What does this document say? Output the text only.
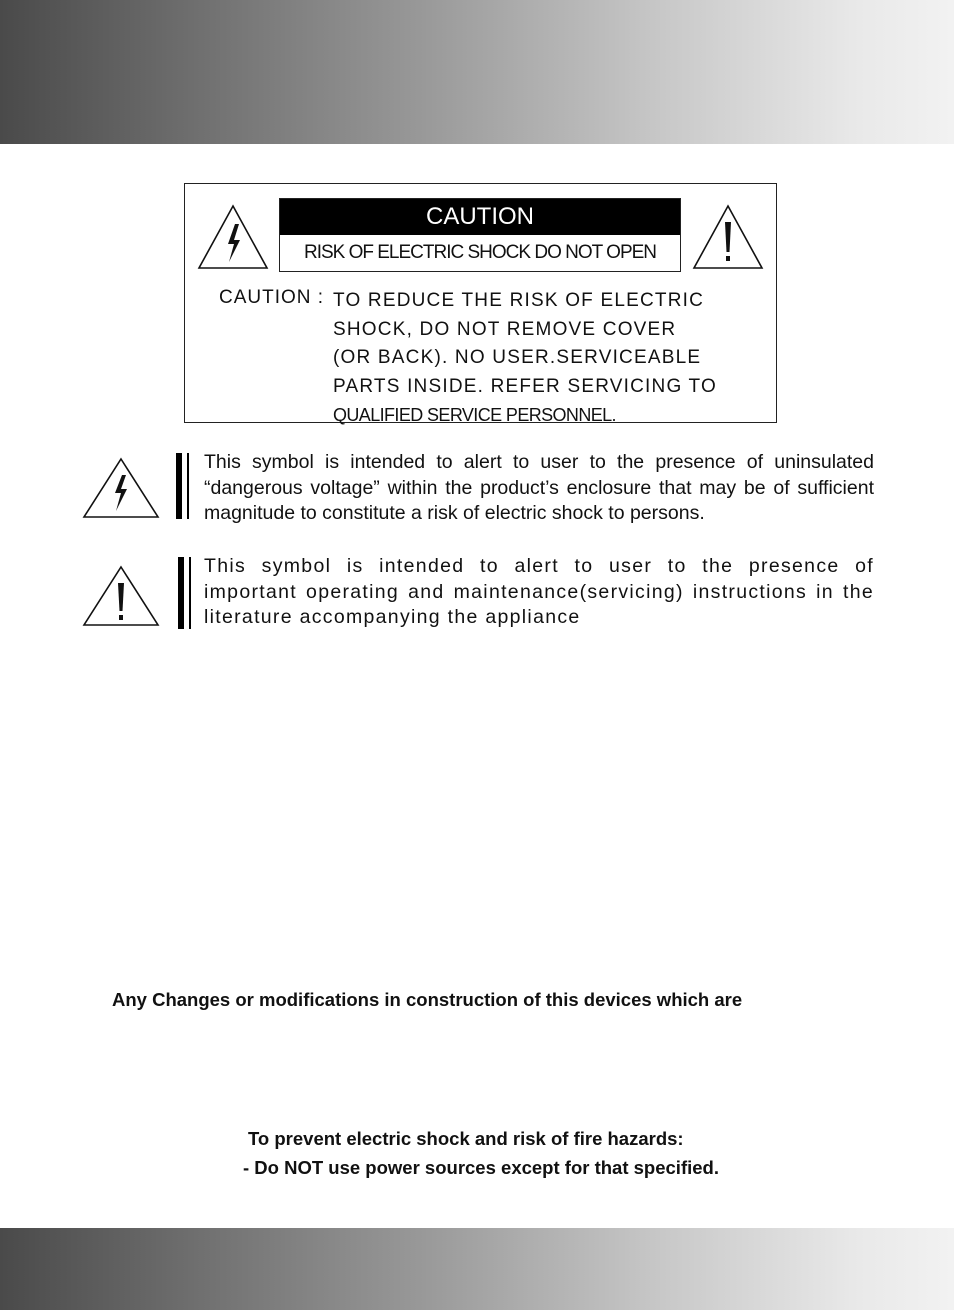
CAUTION
RISK OF ELECTRIC SHOCK DO NOT OPEN
CAUTION : TO REDUCE THE RISK OF ELECTRIC
SHOCK, DO NOT REMOVE COVER
(OR BACK). NO USER.SERVICEABLE
PARTS INSIDE. REFER SERVICING TO
QUALIFIED SERVICE PERSONNEL.
This symbol is intended to alert to user to the presence of uninsulated “dangerous voltage” within the product’s enclosure that may be of sufficient magnitude to constitute a risk of electric shock to persons.
This symbol is intended to alert to user to the presence of important operating and maintenance(servicing) instructions in the literature accompanying the appliance
Any Changes or modifications in construction of this devices which are
To prevent electric shock and risk of fire hazards:
- Do NOT use power sources except for that specified.
